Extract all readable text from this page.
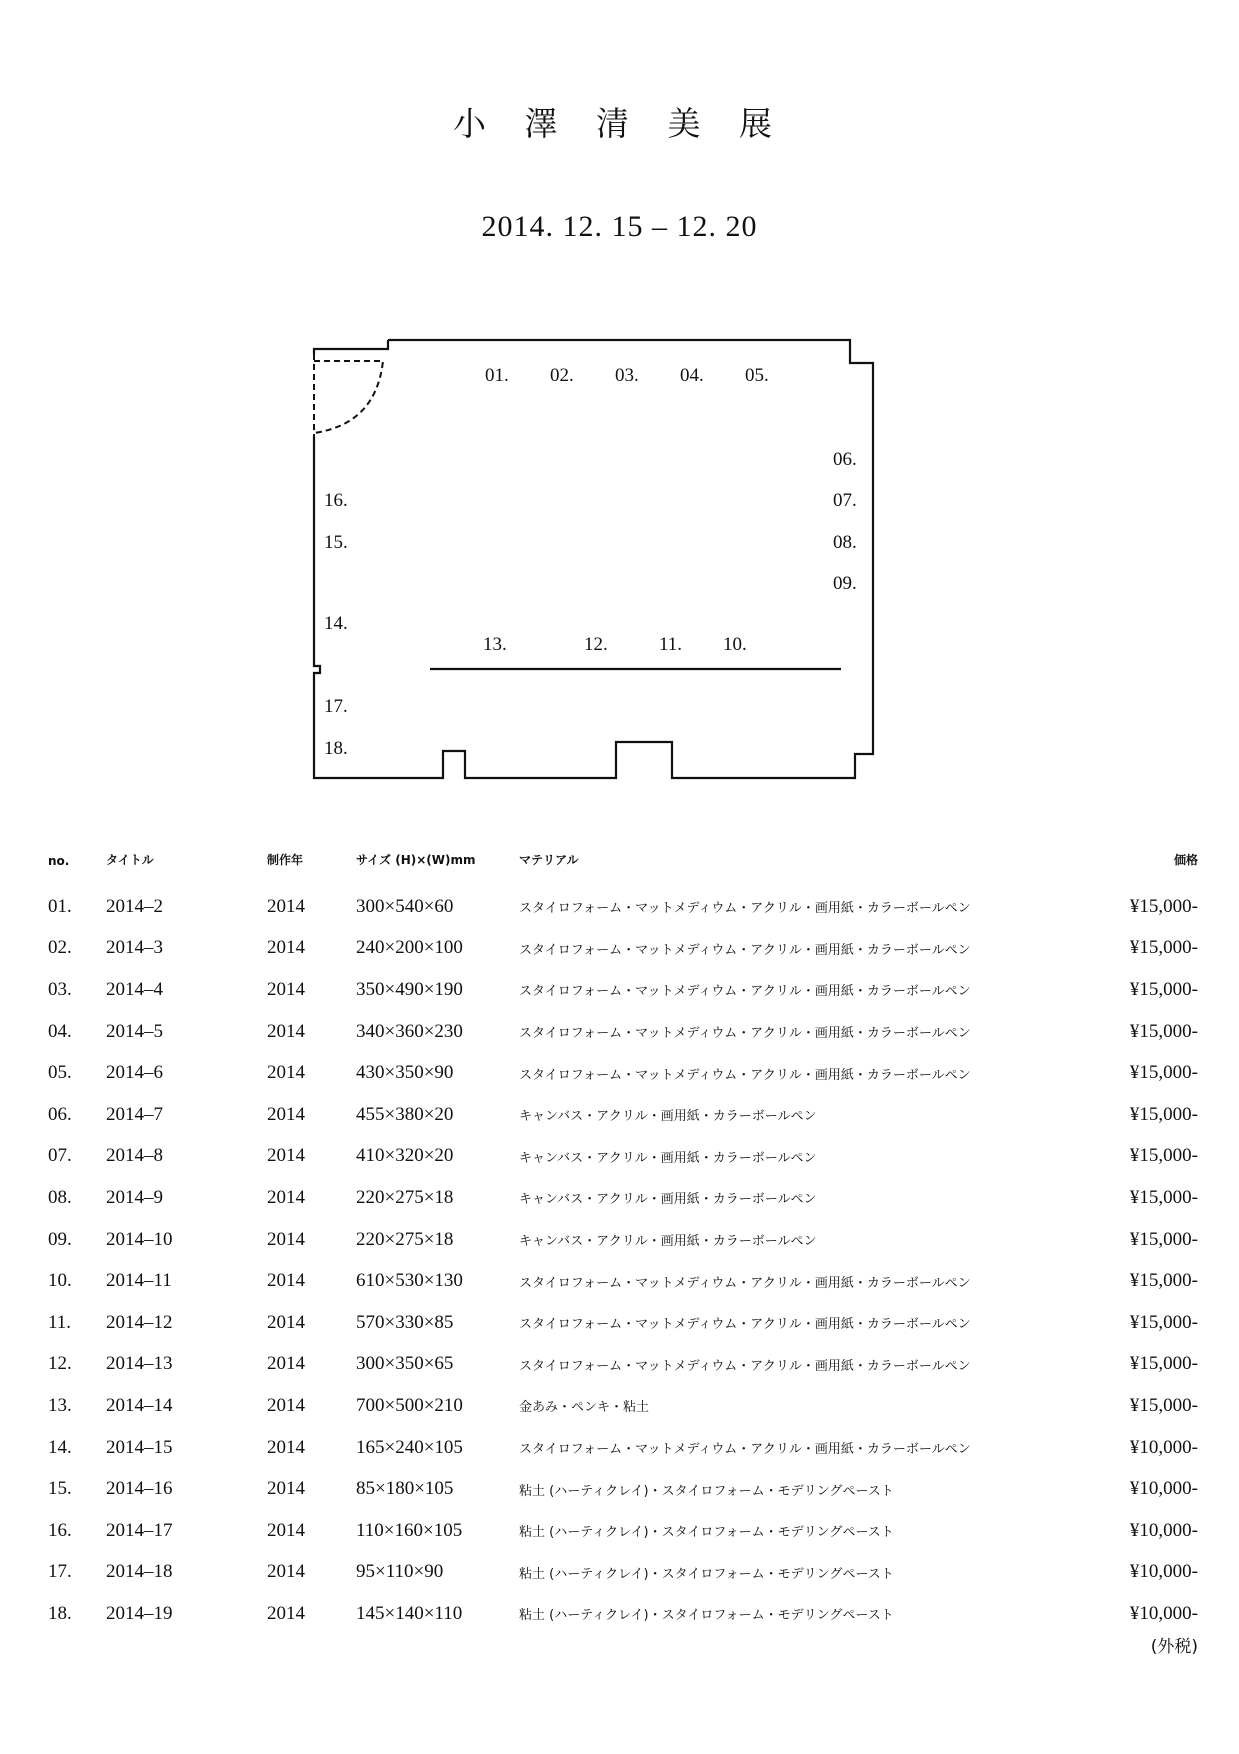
小 澤 清 美 展
2014. 12. 15 – 12. 20
01. 02. 03. 04. 05.
06.
07.
08.
09.
10.
11.
12.
13.
14.
15.
16.
17.
18.
no.	タイトル	制作年	サイズ (H)×(W)mm	マテリアル	価格
01.	2014–2	2014	300×540×60	スタイロフォーム・マットメディウム・アクリル・画用紙・カラーボールペン	¥15,000-
02.	2014–3	2014	240×200×100	スタイロフォーム・マットメディウム・アクリル・画用紙・カラーボールペン	¥15,000-
03.	2014–4	2014	350×490×190	スタイロフォーム・マットメディウム・アクリル・画用紙・カラーボールペン	¥15,000-
04.	2014–5	2014	340×360×230	スタイロフォーム・マットメディウム・アクリル・画用紙・カラーボールペン	¥15,000-
05.	2014–6	2014	430×350×90	スタイロフォーム・マットメディウム・アクリル・画用紙・カラーボールペン	¥15,000-
06.	2014–7	2014	455×380×20	キャンバス・アクリル・画用紙・カラーボールペン	¥15,000-
07.	2014–8	2014	410×320×20	キャンバス・アクリル・画用紙・カラーボールペン	¥15,000-
08.	2014–9	2014	220×275×18	キャンバス・アクリル・画用紙・カラーボールペン	¥15,000-
09.	2014–10	2014	220×275×18	キャンバス・アクリル・画用紙・カラーボールペン	¥15,000-
10.	2014–11	2014	610×530×130	スタイロフォーム・マットメディウム・アクリル・画用紙・カラーボールペン	¥15,000-
11.	2014–12	2014	570×330×85	スタイロフォーム・マットメディウム・アクリル・画用紙・カラーボールペン	¥15,000-
12.	2014–13	2014	300×350×65	スタイロフォーム・マットメディウム・アクリル・画用紙・カラーボールペン	¥15,000-
13.	2014–14	2014	700×500×210	金あみ・ペンキ・粘土	¥15,000-
14.	2014–15	2014	165×240×105	スタイロフォーム・マットメディウム・アクリル・画用紙・カラーボールペン	¥10,000-
15.	2014–16	2014	85×180×105	粘土 (ハーティクレイ)・スタイロフォーム・モデリングペースト	¥10,000-
16.	2014–17	2014	110×160×105	粘土 (ハーティクレイ)・スタイロフォーム・モデリングペースト	¥10,000-
17.	2014–18	2014	95×110×90	粘土 (ハーティクレイ)・スタイロフォーム・モデリングペースト	¥10,000-
18.	2014–19	2014	145×140×110	粘土 (ハーティクレイ)・スタイロフォーム・モデリングペースト	¥10,000-
(外税)
